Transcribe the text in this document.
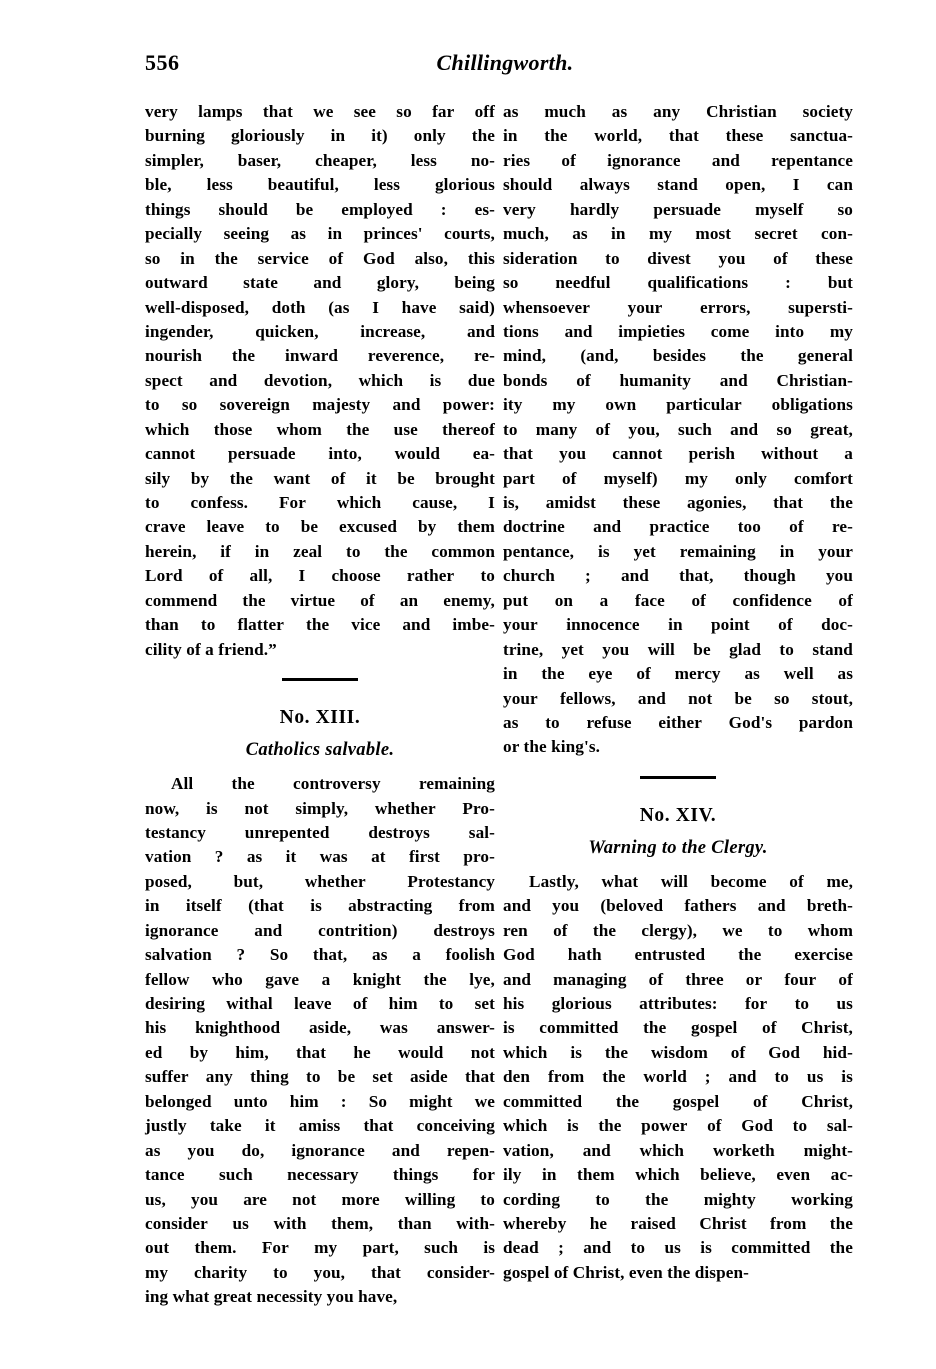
556	Chillingworth.
very lamps that we see so far off
burning gloriously in it) only the
simpler, baser, cheaper, less no-
ble, less beautiful, less glorious
things should be employed : es-
pecially seeing as in princes' courts,
so in the service of God also, this
outward state and glory, being
well-disposed, doth (as I have said)
ingender, quicken, increase, and
nourish the inward reverence, re-
spect and devotion, which is due
to so sovereign majesty and power:
which those whom the use thereof
cannot persuade into, would ea-
sily by the want of it be brought
to confess. For which cause, I
crave leave to be excused by them
herein, if in zeal to the common
Lord of all, I choose rather to
commend the virtue of an enemy,
than to flatter the vice and imbe-
cility of a friend.”
No. XIII.
Catholics salvable.
All the controversy remaining
now, is not simply, whether Pro-
testancy unrepented destroys sal-
vation ? as it was at first pro-
posed, but, whether Protestancy
in itself (that is abstracting from
ignorance and contrition) destroys
salvation ? So that, as a foolish
fellow who gave a knight the lye,
desiring withal leave of him to set
his knighthood aside, was answer-
ed by him, that he would not
suffer any thing to be set aside that
belonged unto him : So might we
justly take it amiss that conceiving
as you do, ignorance and repen-
tance such necessary things for
us, you are not more willing to
consider us with them, than with-
out them. For my part, such is
my charity to you, that consider-
ing what great necessity you have,
as much as any Christian society
in the world, that these sanctua-
ries of ignorance and repentance
should always stand open, I can
very hardly persuade myself so
much, as in my most secret con-
sideration to divest you of these
so needful qualifications : but
whensoever your errors, supersti-
tions and impieties come into my
mind, (and, besides the general
bonds of humanity and Christian-
ity my own particular obligations
to many of you, such and so great,
that you cannot perish without a
part of myself) my only comfort
is, amidst these agonies, that the
doctrine and practice too of re-
pentance, is yet remaining in your
church ; and that, though you
put on a face of confidence of
your innocence in point of doc-
trine, yet you will be glad to stand
in the eye of mercy as well as
your fellows, and not be so stout,
as to refuse either God's pardon
or the king's.
No. XIV.
Warning to the Clergy.
Lastly, what will become of me,
and you (beloved fathers and breth-
ren of the clergy), we to whom
God hath entrusted the exercise
and managing of three or four of
his glorious attributes: for to us
is committed the gospel of Christ,
which is the wisdom of God hid-
den from the world ; and to us is
committed the gospel of Christ,
which is the power of God to sal-
vation, and which worketh might-
ily in them which believe, even ac-
cording to the mighty working
whereby he raised Christ from the
dead ; and to us is committed the
gospel of Christ, even the dispen-
